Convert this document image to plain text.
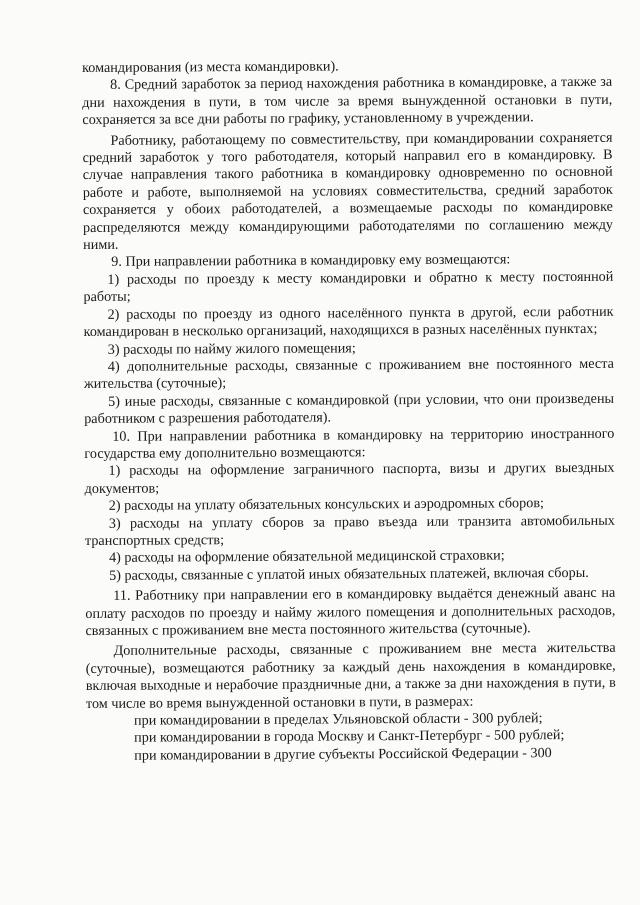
командирования (из места командировки).

8. Средний заработок за период нахождения работника в командировке, а также за дни нахождения в пути, в том числе за время вынужденной остановки в пути, сохраняется за все дни работы по графику, установленному в учреждении.

Работнику, работающему по совместительству, при командировании сохраняется средний заработок у того работодателя, который направил его в командировку. В случае направления такого работника в командировку одновременно по основной работе и работе, выполняемой на условиях совместительства, средний заработок сохраняется у обоих работодателей, а возмещаемые расходы по командировке распределяются между командирующими работодателями по соглашению между ними.

9. При направлении работника в командировку ему возмещаются:

1) расходы по проезду к месту командировки и обратно к месту постоянной работы;

2) расходы по проезду из одного населённого пункта в другой, если работник командирован в несколько организаций, находящихся в разных населённых пунктах;

3) расходы по найму жилого помещения;

4) дополнительные расходы, связанные с проживанием вне постоянного места жительства (суточные);

5) иные расходы, связанные с командировкой (при условии, что они произведены работником с разрешения работодателя).

10. При направлении работника в командировку на территорию иностранного государства ему дополнительно возмещаются:

1) расходы на оформление заграничного паспорта, визы и других выездных документов;

2) расходы на уплату обязательных консульских и аэродромных сборов;

3) расходы на уплату сборов за право въезда или транзита автомобильных транспортных средств;

4) расходы на оформление обязательной медицинской страховки;

5) расходы, связанные с уплатой иных обязательных платежей, включая сборы.

11. Работнику при направлении его в командировку выдаётся денежный аванс на оплату расходов по проезду и найму жилого помещения и дополнительных расходов, связанных с проживанием вне места постоянного жительства (суточные).

Дополнительные расходы, связанные с проживанием вне места жительства (суточные), возмещаются работнику за каждый день нахождения в командировке, включая выходные и нерабочие праздничные дни, а также за дни нахождения в пути, в том числе во время вынужденной остановки в пути, в размерах:

при командировании в пределах Ульяновской области - 300 рублей;

при командировании в города Москву и Санкт-Петербург - 500 рублей;

при командировании в другие субъекты Российской Федерации - 300
